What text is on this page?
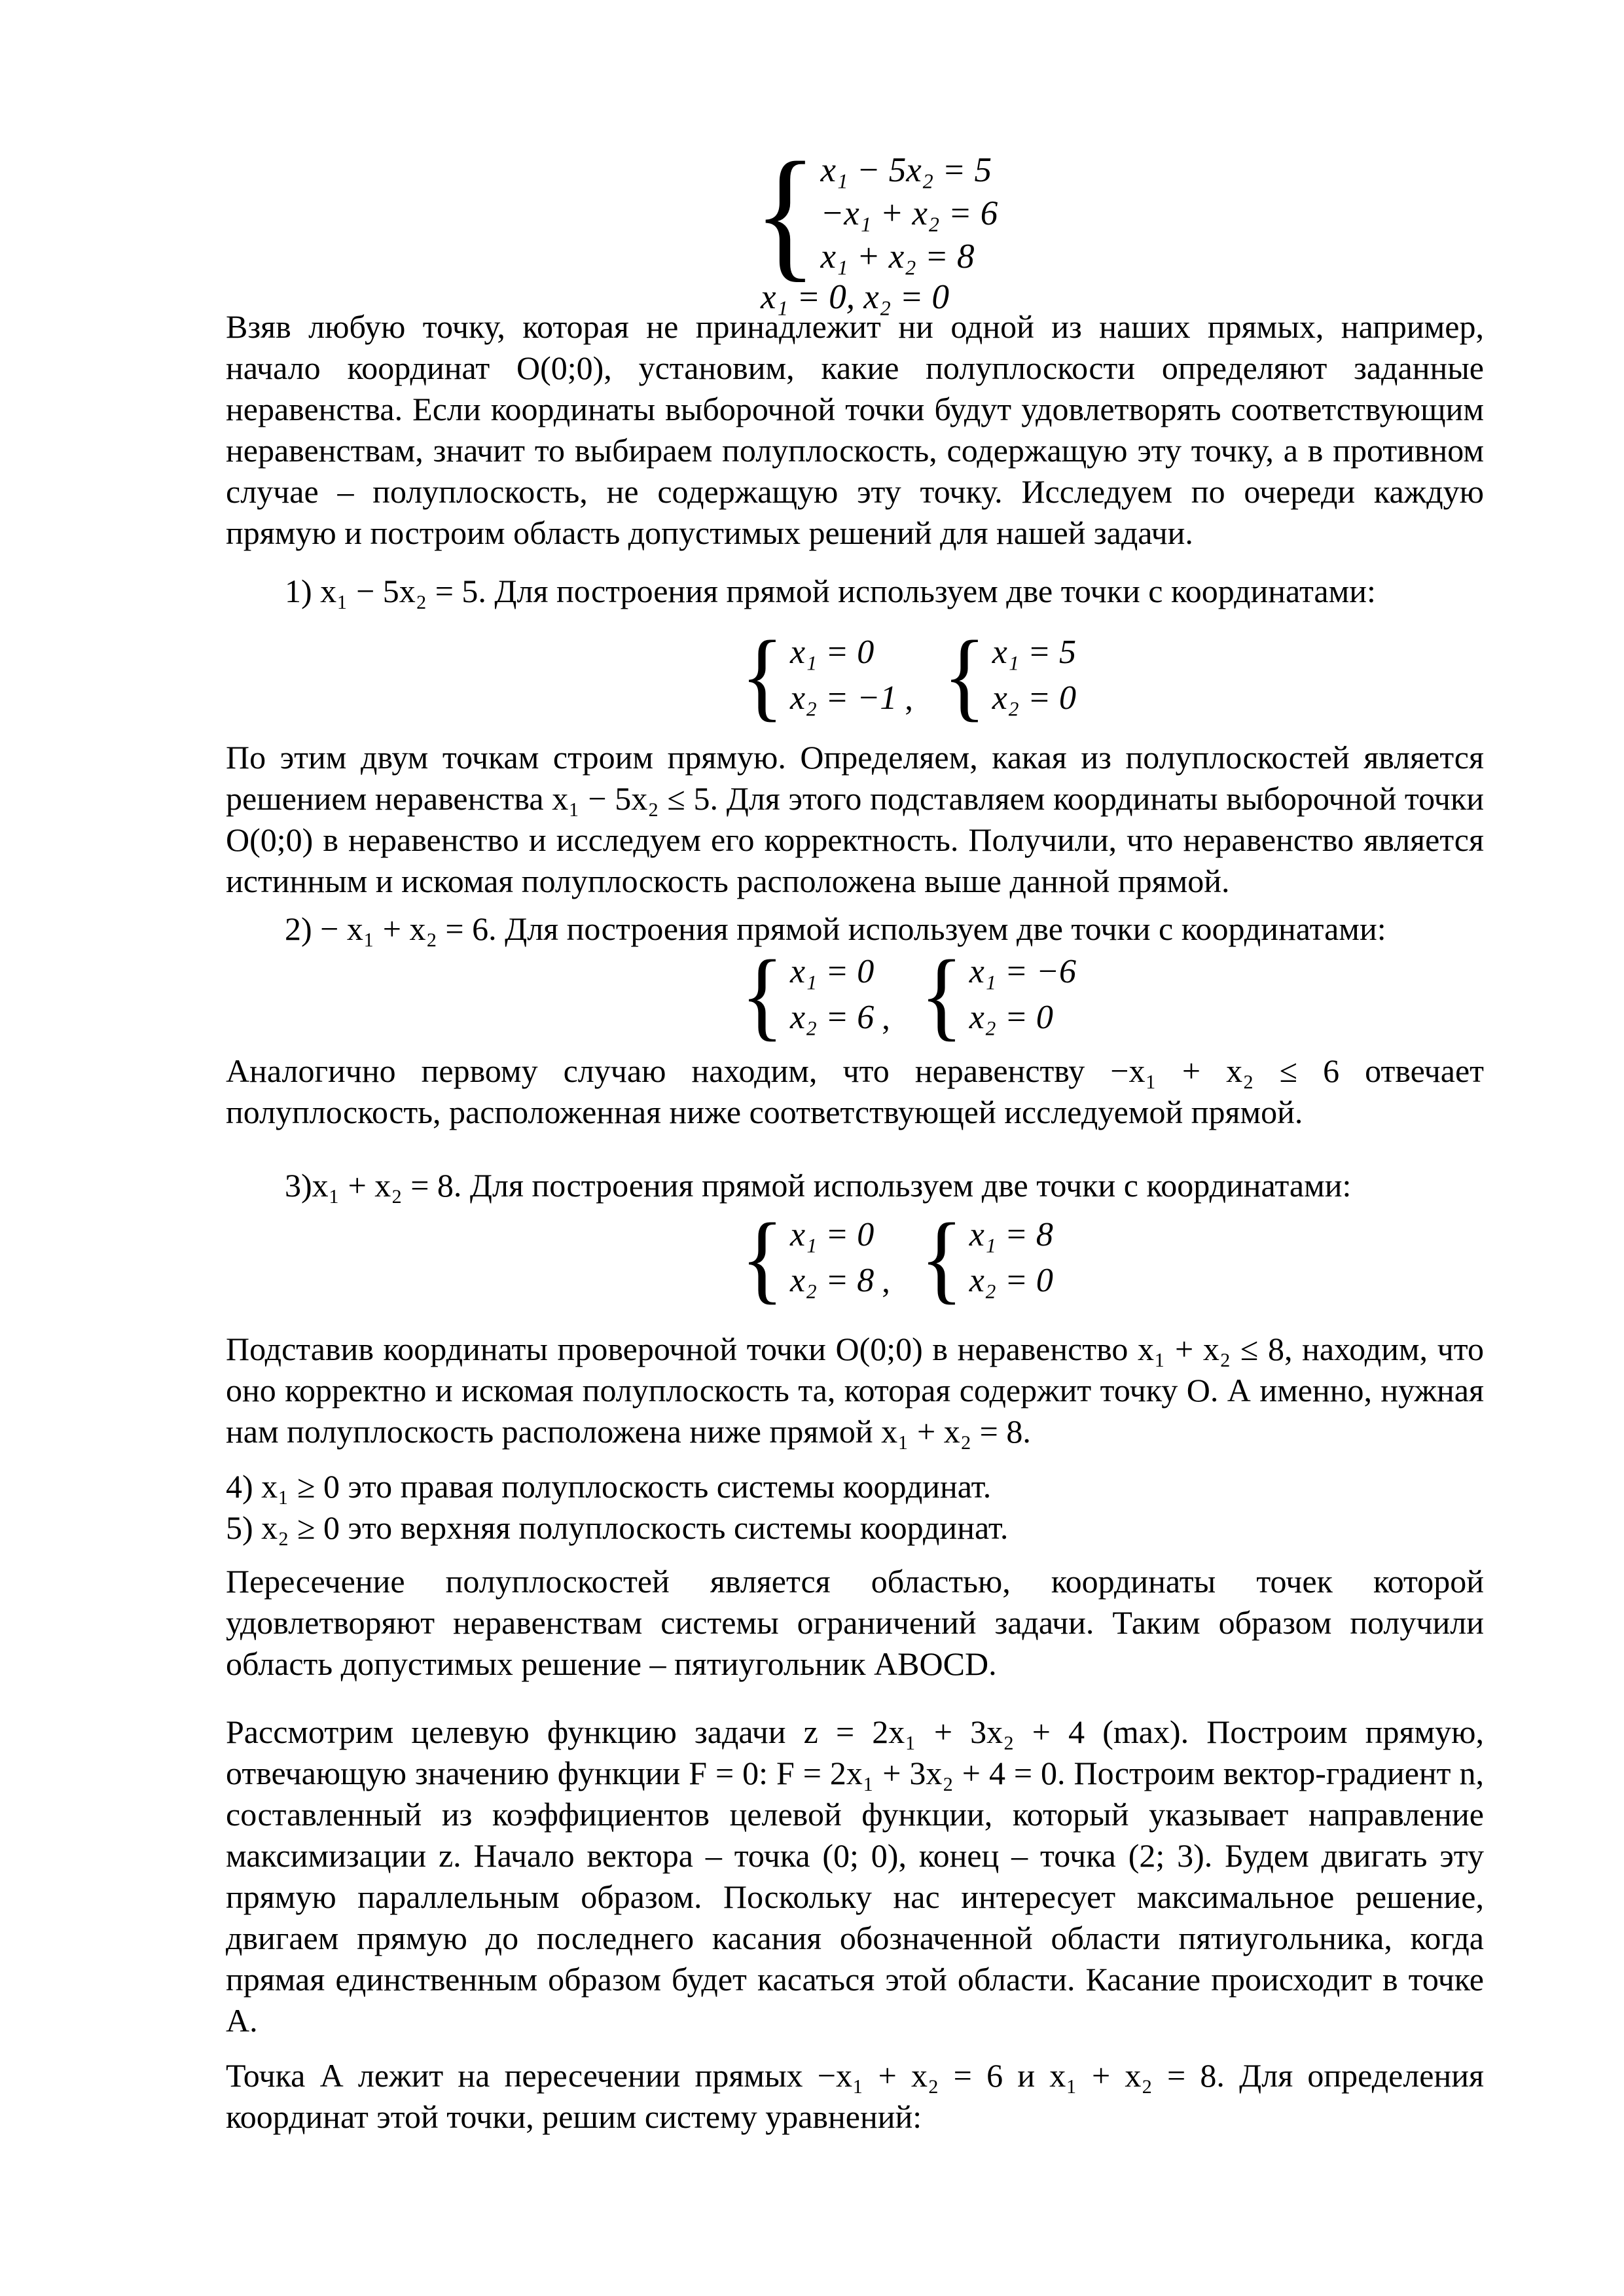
{ x₁ − 5x₂ = 5
−x₁ + x₂ = 6
x₁ + x₂ = 8
x₁ = 0, x₂ = 0
Взяв любую точку, которая не принадлежит ни одной из наших прямых, например, начало координат О(0;0), установим, какие полуплоскости определяют заданные неравенства. Если координаты выборочной точки будут удовлетворять соответствующим неравенствам, значит то выбираем полуплоскость, содержащую эту точку, а в противном случае – полуплоскость, не содержащую эту точку. Исследуем по очереди каждую прямую и построим область допустимых решений для нашей задачи.
1) x₁ − 5x₂ = 5. Для построения прямой используем две точки с координатами:
{ x₁ = 0
x₂ = −1 , { x₁ = 5
x₂ = 0
По этим двум точкам строим прямую. Определяем, какая из полуплоскостей является решением неравенства x₁ − 5x₂ ≤ 5. Для этого подставляем координаты выборочной точки О(0;0) в неравенство и исследуем его корректность. Получили, что неравенство является истинным и искомая полуплоскость расположена выше данной прямой.
2) − x₁ + x₂ = 6. Для построения прямой используем две точки с координатами:
{ x₁ = 0
x₂ = 6 , { x₁ = −6
x₂ = 0
Аналогично первому случаю находим, что неравенству −x₁ + x₂ ≤ 6 отвечает полуплоскость, расположенная ниже соответствующей исследуемой прямой.
3)x₁ + x₂ = 8. Для построения прямой используем две точки с координатами:
{ x₁ = 0
x₂ = 8 , { x₁ = 8
x₂ = 0
Подставив координаты проверочной точки О(0;0) в неравенство x₁ + x₂ ≤ 8, находим, что оно корректно и искомая полуплоскость та, которая содержит точку О. А именно, нужная нам полуплоскость расположена ниже прямой x₁ + x₂ = 8.
4) x₁ ≥ 0 это правая полуплоскость системы координат.
5) x₂ ≥ 0 это верхняя полуплоскость системы координат.
Пересечение полуплоскостей является областью, координаты точек которой удовлетворяют неравенствам системы ограничений задачи. Таким образом получили область допустимых решение – пятиугольник ABOCD.
Рассмотрим целевую функцию задачи z = 2x₁ + 3x₂ + 4 (max). Построим прямую, отвечающую значению функции F = 0: F = 2x₁ + 3x₂ + 4 = 0. Построим вектор-градиент n, составленный из коэффициентов целевой функции, который указывает направление максимизации z. Начало вектора – точка (0; 0), конец – точка (2; 3). Будем двигать эту прямую параллельным образом. Поскольку нас интересует максимальное решение, двигаем прямую до последнего касания обозначенной области пятиугольника, когда прямая единственным образом будет касаться этой области. Касание происходит в точке А.
Точка А лежит на пересечении прямых −x₁ + x₂ = 6 и x₁ + x₂ = 8. Для определения координат этой точки, решим систему уравнений:
